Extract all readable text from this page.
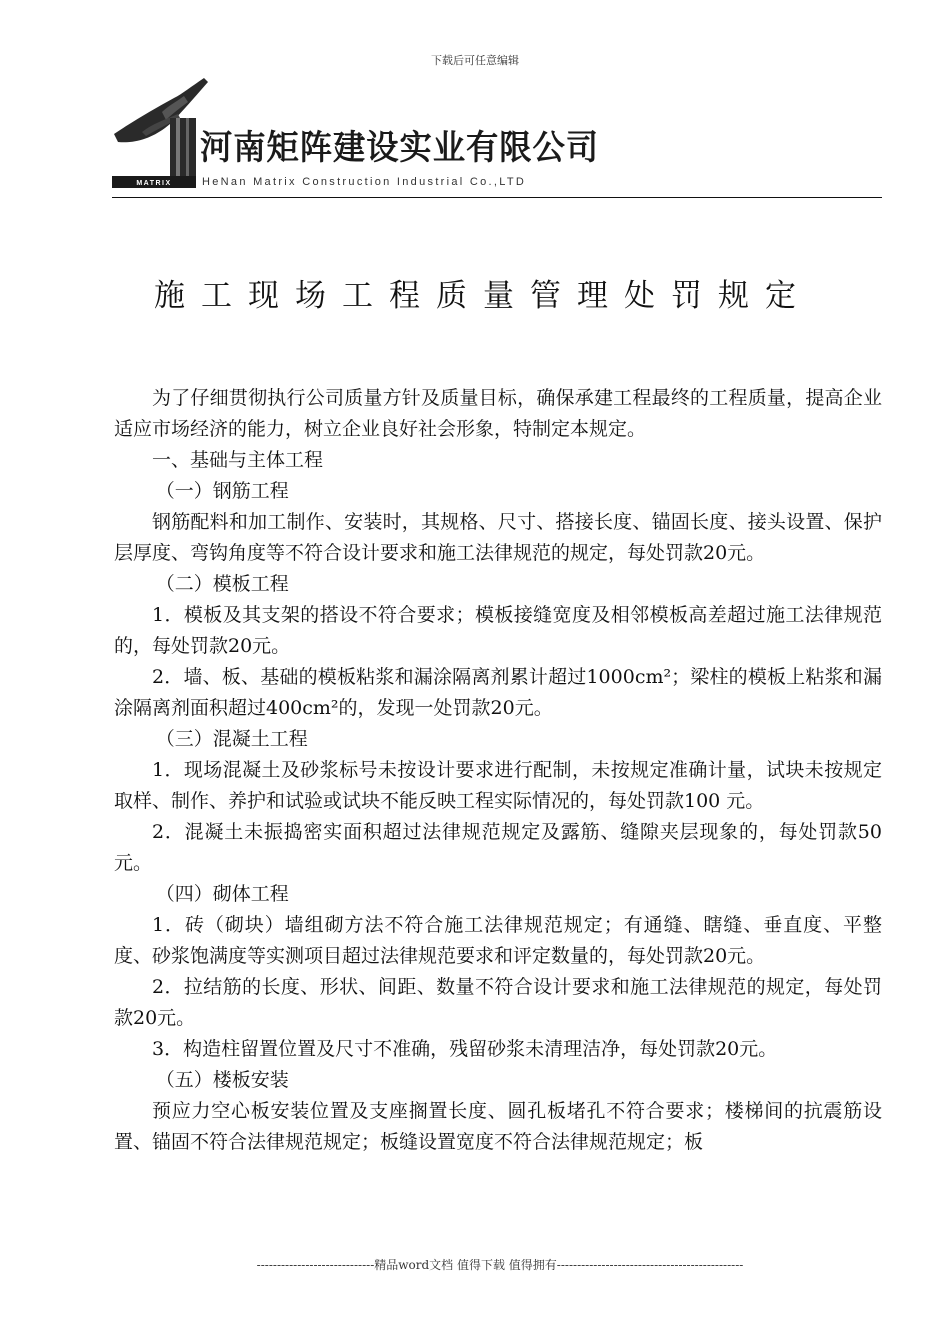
下载后可任意编辑
MATRIX
河南矩阵建设实业有限公司
HeNan Matrix Construction Industrial Co.,LTD
施工现场工程质量管理处罚规定

为了仔细贯彻执行公司质量方针及质量目标，确保承建工程最终的工程质量，提高企业适应市场经济的能力，树立企业良好社会形象，特制定本规定。

一、基础与主体工程

（一）钢筋工程

钢筋配料和加工制作、安装时，其规格、尺寸、搭接长度、锚固长度、接头设置、保护层厚度、弯钩角度等不符合设计要求和施工法律规范的规定，每处罚款20元。

（二）模板工程

1．模板及其支架的搭设不符合要求；模板接缝宽度及相邻模板高差超过施工法律规范的，每处罚款20元。

2．墙、板、基础的模板粘浆和漏涂隔离剂累计超过1000cm²；梁柱的模板上粘浆和漏涂隔离剂面积超过400cm²的，发现一处罚款20元。

（三）混凝土工程

1．现场混凝土及砂浆标号未按设计要求进行配制，未按规定准确计量，试块未按规定取样、制作、养护和试验或试块不能反映工程实际情况的，每处罚款100 元。

2．混凝土未振捣密实面积超过法律规范规定及露筋、缝隙夹层现象的，每处罚款50元。

（四）砌体工程

1．砖（砌块）墙组砌方法不符合施工法律规范规定；有通缝、瞎缝、垂直度、平整度、砂浆饱满度等实测项目超过法律规范要求和评定数量的，每处罚款20元。

2．拉结筋的长度、形状、间距、数量不符合设计要求和施工法律规范的规定，每处罚款20元。

3．构造柱留置位置及尺寸不准确，残留砂浆未清理洁净，每处罚款20元。

（五）楼板安装

预应力空心板安装位置及支座搁置长度、圆孔板堵孔不符合要求；楼梯间的抗震筋设置、锚固不符合法律规范规定；板缝设置宽度不符合法律规范规定；板

-----------------------------精品word文档 值得下载 值得拥有----------------------------------------------
